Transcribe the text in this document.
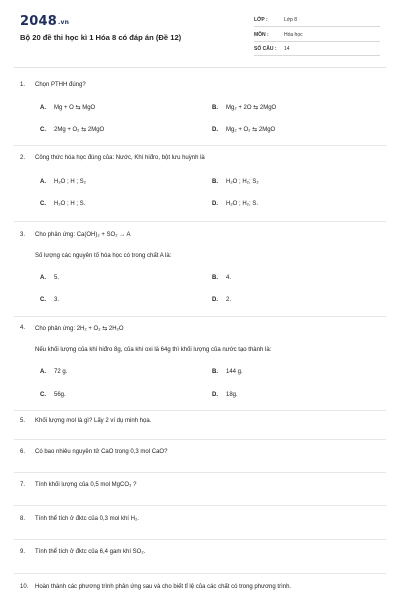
2048.vn
Bộ 20 đề thi học kì 1 Hóa 8 có đáp án (Đề 12)
LỚP :	Lớp 8
MÔN :	Hóa học
SỐ CÂU : 14
1. Chọn PTHH đúng?
A. Mg + O ⇆ MgO	B. Mg₂ + 2O ⇆ 2MgO
C. 2Mg + O₂ ⇆ 2MgO	D. Mg₂ + O₂ ⇆ 2MgO
2. Công thức hóa học đúng của: Nước, Khí hiđro, bột lưu huỳnh là
A. H₂O ; H ; S₂	B. H₂O ; H₂; S₂
C. H₂O ; H ; S.	D. H₂O ; H₂; S.
3. Cho phản ứng: Ca(OH)₂ + SO₂ → A
Số lượng các nguyên tố hóa học có trong chất A là:
A. 5.	B. 4.
C. 3.	D. 2.
4. Cho phản ứng: 2H₂ + O₂ ⇆ 2H₂O
Nếu khối lượng của khí hiđro 8g, của khí oxi là 64g thì khối lượng của nước tạo thành là:
A. 72 g.	B. 144 g.
C. 56g.	D. 18g.
5. Khối lượng mol là gì? Lấy 2 ví dụ minh họa.
6. Có bao nhiêu nguyên tử CaO trong 0,3 mol CaO?
7. Tính khối lượng của 0,5 mol MgCO₃ ?
8. Tính thể tích ở đktc của 0,3 mol khí H₂.
9. Tính thể tích ở đktc của 6,4 gam khí SO₂.
10. Hoàn thành các phương trình phản ứng sau và cho biết tỉ lệ của các chất có trong phương trình.
